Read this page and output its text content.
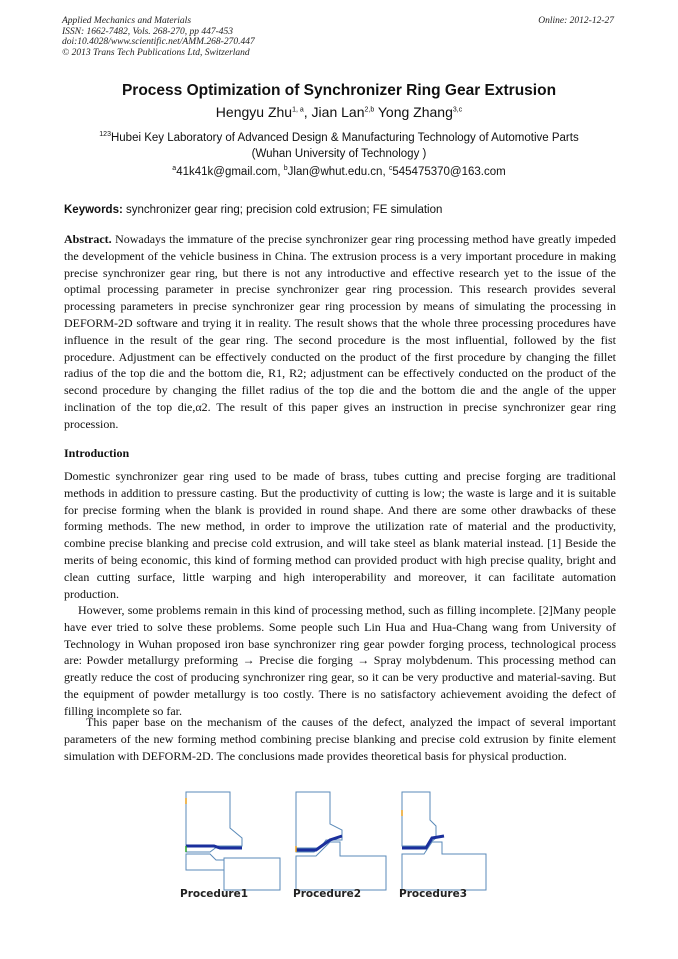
Applied Mechanics and Materials
ISSN: 1662-7482, Vols. 268-270, pp 447-453
doi:10.4028/www.scientific.net/AMM.268-270.447
© 2013 Trans Tech Publications Ltd, Switzerland
Online: 2012-12-27
Process Optimization of Synchronizer Ring Gear Extrusion
Hengyu Zhu$^{1, a}$, Jian Lan$^{2,b}$ Yong Zhang$^{3,c}$
$^{123}$Hubei Key Laboratory of Advanced Design & Manufacturing Technology of Automotive Parts
(Wuhan University of Technology )
$^a$41k41k@gmail.com, $^b$Jlan@whut.edu.cn, $^c$545475370@163.com
Keywords: synchronizer gear ring; precision cold extrusion; FE simulation

Abstract. Nowadays the immature of the precise synchronizer gear ring processing method have greatly impeded the development of the vehicle business in China. The extrusion process is a very important procedure in making precise synchronizer gear ring, but there is not any introductive and effective research yet to the issue of the optimal processing parameter in precise synchronizer gear ring procession. This research provides several processing parameters in precise synchronizer gear ring procession by means of simulating the processing in DEFORM-2D software and trying it in reality. The result shows that the whole three processing procedures have influence in the result of the gear ring. The second procedure is the most influential, followed by the fist procedure. Adjustment can be effectively conducted on the product of the first procedure by changing the fillet radius of the top die and the bottom die, R1, R2; adjustment can be effectively conducted on the product of the second procedure by changing the fillet radius of the top die and the bottom die and the angle of the upper inclination of the top die,α2. The result of this paper gives an instruction in precise synchronizer gear ring procession.

Introduction

Domestic synchronizer gear ring used to be made of brass, tubes cutting and precise forging are traditional methods in addition to pressure casting. But the productivity of cutting is low; the waste is large and it is suitable for precise forming when the blank is provided in round shape. And there are some other drawbacks of these forming methods. The new method, in order to improve the utilization rate of material and the productivity, combine precise blanking and precise cold extrusion, and will take steel as blank material instead. [1] Beside the merits of being economic, this kind of forming method can provided product with high precise quality, bright and clean cutting surface, little warping and high interoperability and moreover, it can facilitate automation production.

However, some problems remain in this kind of processing method, such as filling incomplete. [2]Many people have ever tried to solve these problems. Some people such Lin Hua and Hua-Chang wang from University of Technology in Wuhan proposed iron base synchronizer ring gear powder forging process, technological process are: Powder metallurgy preforming → Precise die forging → Spray molybdenum. This processing method can greatly reduce the cost of producing synchronizer ring gear, so it can be very productive and material-saving. But the equipment of powder metallurgy is too costly. There is no satisfactory achievement avoiding the defect of filling incomplete so far.

This paper base on the mechanism of the causes of the defect, analyzed the impact of several important parameters of the new forming method combining precise blanking and precise cold extrusion by finite element simulation with DEFORM-2D. The conclusions made provides theoretical basis for physical production.

Procedure1	Procedure2	Procedure3
